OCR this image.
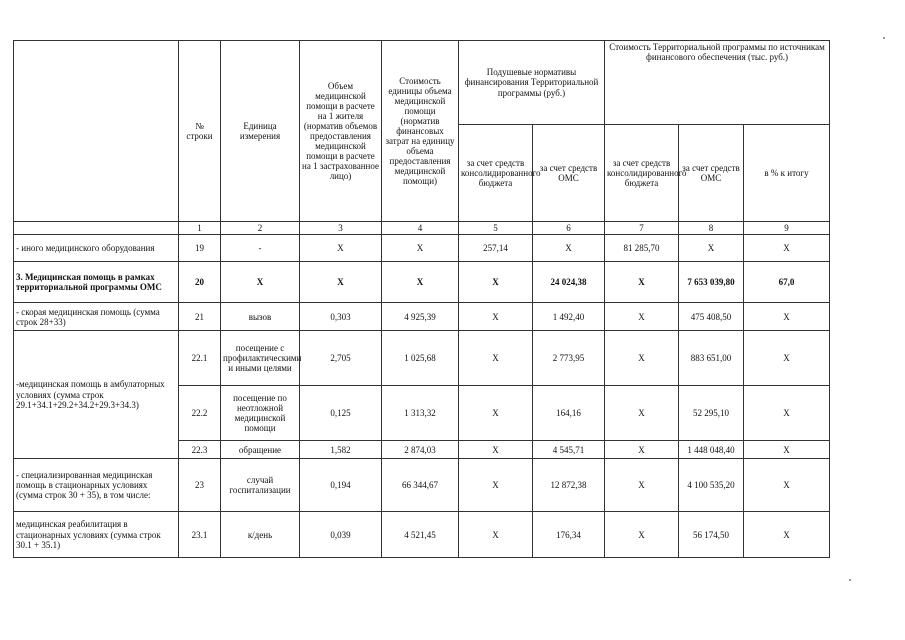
	№ строки	Единица измерения	Объем медицинской помощи в расчете на 1 жителя (норматив объемов предоставления медицинской помощи в расчете на 1 застрахованное лицо)	Стоимость единицы объема медицинской помощи (норматив финансовых затрат на единицу объема предоставления медицинской помощи)	Подушевые нормативы финансирования Территориальной программы (руб.)		Стоимость Территориальной программы по источникам финансового обеспечения (тыс. руб.)		
					за счет средств консолидированного бюджета	за счет средств ОМС	за счет средств консолидированного бюджета	за счет средств ОМС	в % к итогу
	1	2	3	4	5	6	7	8	9
- иного медицинского оборудования	19	-	Х	Х	257,14	Х	81 285,70	Х	Х
3. Медицинская помощь в рамках территориальной программы ОМС	20	Х	Х	Х	Х	24 024,38	Х	7 653 039,80	67,0
- скорая медицинская помощь (сумма строк 28+33)	21	вызов	0,303	4 925,39	Х	1 492,40	Х	475 408,50	Х
-медицинская помощь в амбулаторных условиях (сумма строк 29.1+34.1+29.2+34.2+29.3+34.3)	22.1	посещение с профилактическими и иными целями	2,705	1 025,68	Х	2 773,95	Х	883 651,00	Х
	22.2	посещение по неотложной медицинской помощи	0,125	1 313,32	Х	164,16	Х	52 295,10	Х
	22.3	обращение	1,582	2 874,03	Х	4 545,71	Х	1 448 048,40	Х
- специализированная медицинская помощь в стационарных условиях (сумма строк 30 + 35), в том числе:	23	случай госпитализации	0,194	66 344,67	Х	12 872,38	Х	4 100 535,20	Х
медицинская реабилитация в стационарных условиях (сумма строк 30.1 + 35.1)	23.1	к/день	0,039	4 521,45	Х	176,34	Х	56 174,50	Х
